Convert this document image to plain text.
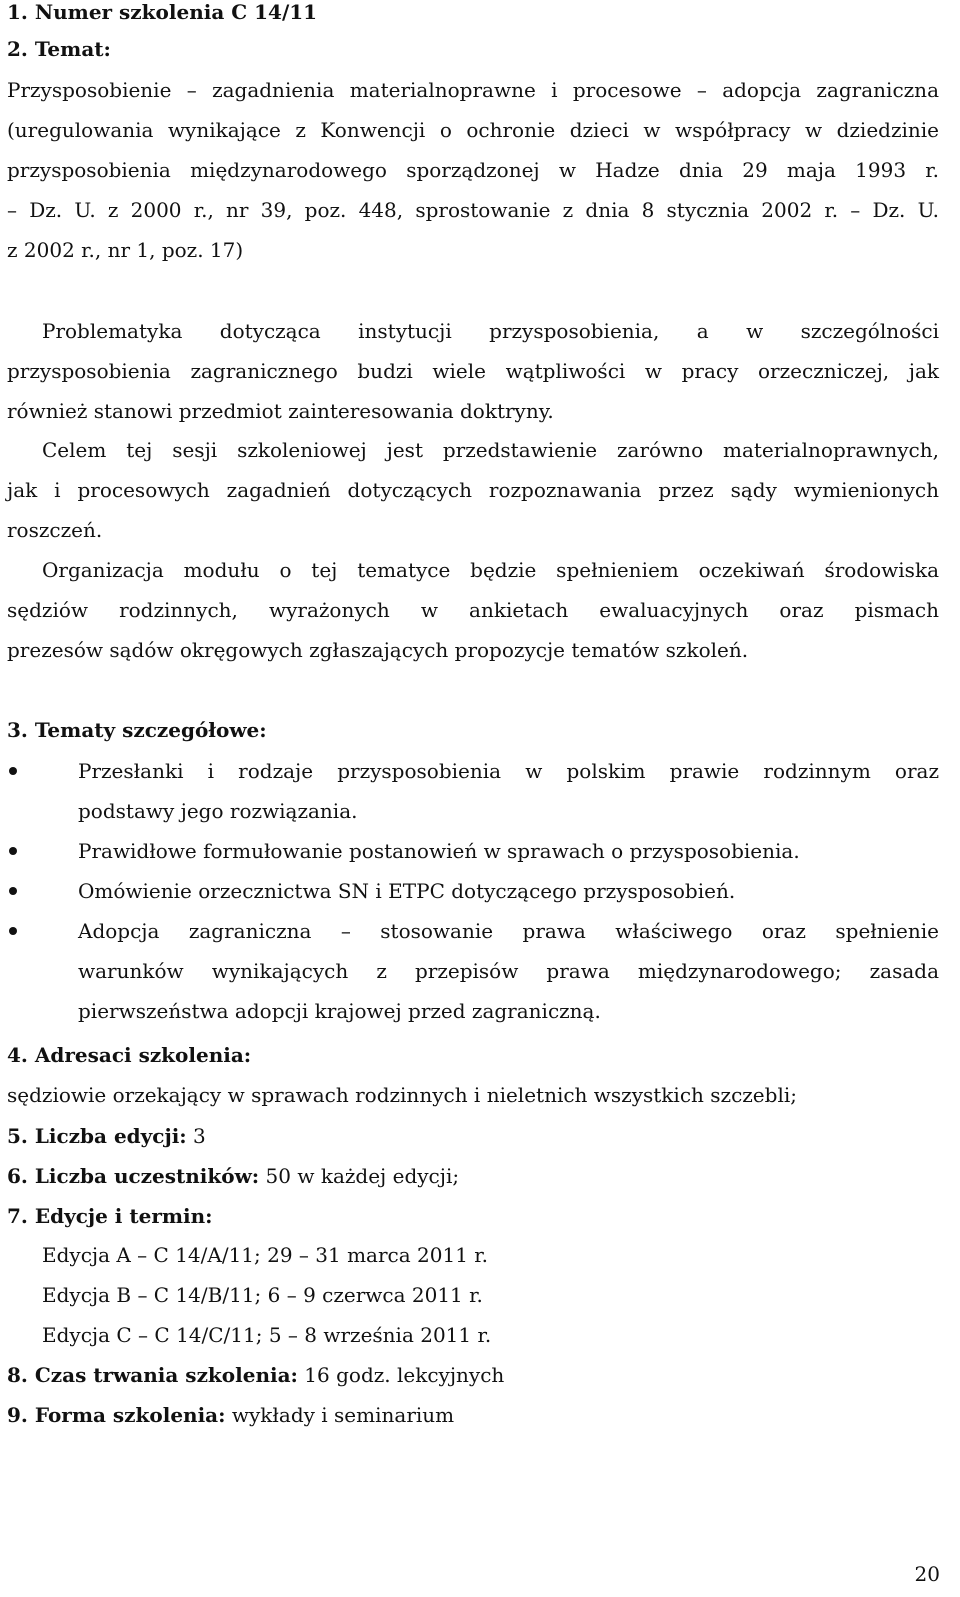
1. Numer szkolenia C 14/11
2. Temat:
Przysposobienie – zagadnienia materialnoprawne i procesowe – adopcja zagraniczna
(uregulowania wynikające z Konwencji o ochronie dzieci w współpracy w dziedzinie
przysposobienia międzynarodowego sporządzonej w Hadze dnia 29 maja 1993 r.
– Dz. U. z 2000 r., nr 39, poz. 448, sprostowanie z dnia 8 stycznia 2002 r. – Dz. U.
z 2002 r., nr 1, poz. 17)
Problematyka dotycząca instytucji przysposobienia, a w szczególności
przysposobienia zagranicznego budzi wiele wątpliwości w pracy orzeczniczej, jak
również stanowi przedmiot zainteresowania doktryny.
Celem tej sesji szkoleniowej jest przedstawienie zarówno materialnoprawnych,
jak i procesowych zagadnień dotyczących rozpoznawania przez sądy wymienionych
roszczeń.
Organizacja modułu o tej tematyce będzie spełnieniem oczekiwań środowiska
sędziów rodzinnych, wyrażonych w ankietach ewaluacyjnych oraz pismach
prezesów sądów okręgowych zgłaszających propozycje tematów szkoleń.
3. Tematy szczegółowe:
Przesłanki i rodzaje przysposobienia w polskim prawie rodzinnym oraz
podstawy jego rozwiązania.
Prawidłowe formułowanie postanowień w sprawach o przysposobienia.
Omówienie orzecznictwa SN i ETPC dotyczącego przysposobień.
Adopcja zagraniczna – stosowanie prawa właściwego oraz spełnienie
warunków wynikających z przepisów prawa międzynarodowego; zasada
pierwszeństwa adopcji krajowej przed zagraniczną.
4. Adresaci szkolenia:
sędziowie orzekający w sprawach rodzinnych i nieletnich wszystkich szczebli;
5. Liczba edycji: 3
6. Liczba uczestników: 50 w każdej edycji;
7. Edycje i termin:
Edycja A – C 14/A/11; 29 – 31 marca 2011 r.
Edycja B – C 14/B/11; 6 – 9 czerwca 2011 r.
Edycja C – C 14/C/11; 5 – 8 września 2011 r.
8. Czas trwania szkolenia: 16 godz. lekcyjnych
9. Forma szkolenia: wykłady i seminarium
20
